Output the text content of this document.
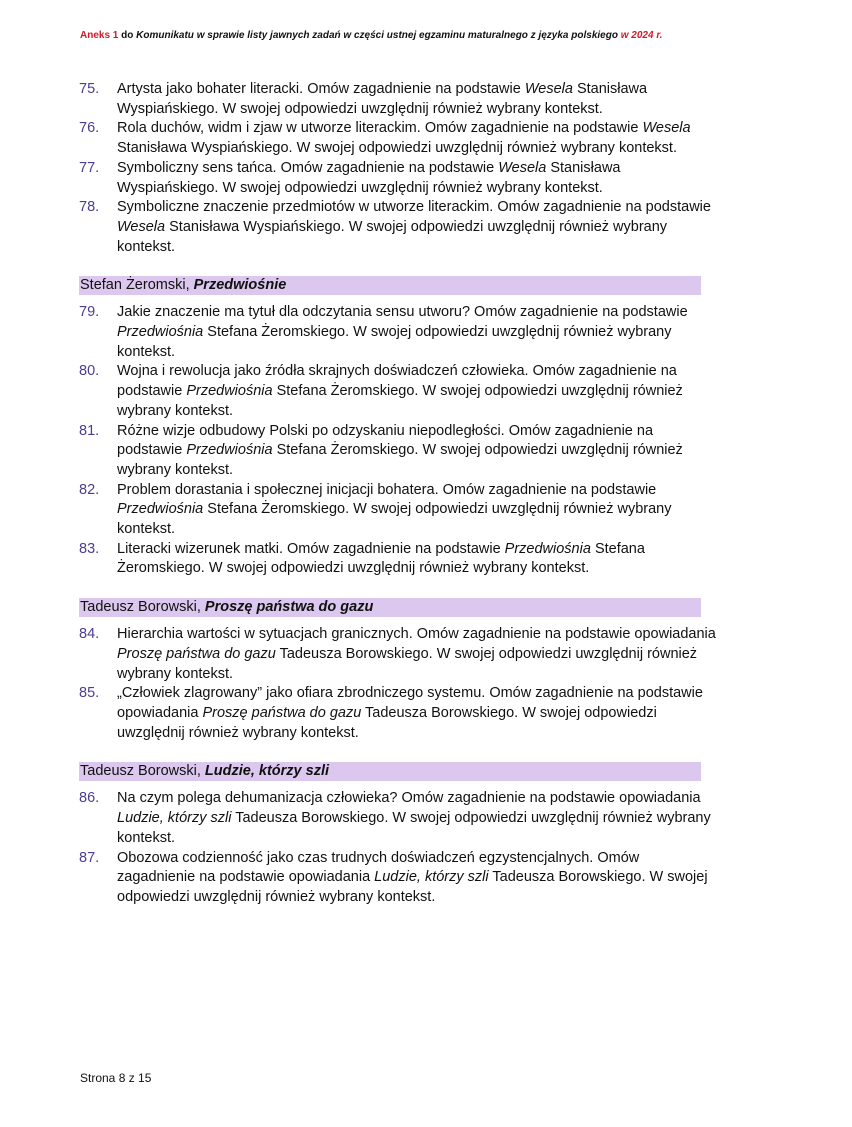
Aneks 1 do Komunikatu w sprawie listy jawnych zadań w części ustnej egzaminu maturalnego z języka polskiego w 2024 r.
75.	Artysta jako bohater literacki. Omów zagadnienie na podstawie Wesela Stanisława Wyspiańskiego. W swojej odpowiedzi uwzględnij również wybrany kontekst.
76.	Rola duchów, widm i zjaw w utworze literackim. Omów zagadnienie na podstawie Wesela Stanisława Wyspiańskiego. W swojej odpowiedzi uwzględnij również wybrany kontekst.
77.	Symboliczny sens tańca. Omów zagadnienie na podstawie Wesela Stanisława Wyspiańskiego. W swojej odpowiedzi uwzględnij również wybrany kontekst.
78.	Symboliczne znaczenie przedmiotów w utworze literackim. Omów zagadnienie na podstawie Wesela Stanisława Wyspiańskiego. W swojej odpowiedzi uwzględnij również wybrany kontekst.
Stefan Żeromski, Przedwiośnie
79.	Jakie znaczenie ma tytuł dla odczytania sensu utworu? Omów zagadnienie na podstawie Przedwiośnia Stefana Żeromskiego. W swojej odpowiedzi uwzględnij również wybrany kontekst.
80.	Wojna i rewolucja jako źródła skrajnych doświadczeń człowieka. Omów zagadnienie na podstawie Przedwiośnia Stefana Żeromskiego. W swojej odpowiedzi uwzględnij również wybrany kontekst.
81.	Różne wizje odbudowy Polski po odzyskaniu niepodległości. Omów zagadnienie na podstawie Przedwiośnia Stefana Żeromskiego. W swojej odpowiedzi uwzględnij również wybrany kontekst.
82.	Problem dorastania i społecznej inicjacji bohatera. Omów zagadnienie na podstawie Przedwiośnia Stefana Żeromskiego. W swojej odpowiedzi uwzględnij również wybrany kontekst.
83.	Literacki wizerunek matki. Omów zagadnienie na podstawie Przedwiośnia Stefana Żeromskiego. W swojej odpowiedzi uwzględnij również wybrany kontekst.
Tadeusz Borowski, Proszę państwa do gazu
84.	Hierarchia wartości w sytuacjach granicznych. Omów zagadnienie na podstawie opowiadania Proszę państwa do gazu Tadeusza Borowskiego. W swojej odpowiedzi uwzględnij również wybrany kontekst.
85.	„Człowiek zlagrowany” jako ofiara zbrodniczego systemu. Omów zagadnienie na podstawie opowiadania Proszę państwa do gazu Tadeusza Borowskiego. W swojej odpowiedzi uwzględnij również wybrany kontekst.
Tadeusz Borowski, Ludzie, którzy szli
86.	Na czym polega dehumanizacja człowieka? Omów zagadnienie na podstawie opowiadania Ludzie, którzy szli Tadeusza Borowskiego. W swojej odpowiedzi uwzględnij również wybrany kontekst.
87.	Obozowa codzienność jako czas trudnych doświadczeń egzystencjalnych. Omów zagadnienie na podstawie opowiadania Ludzie, którzy szli Tadeusza Borowskiego. W swojej odpowiedzi uwzględnij również wybrany kontekst.
Strona 8 z 15
